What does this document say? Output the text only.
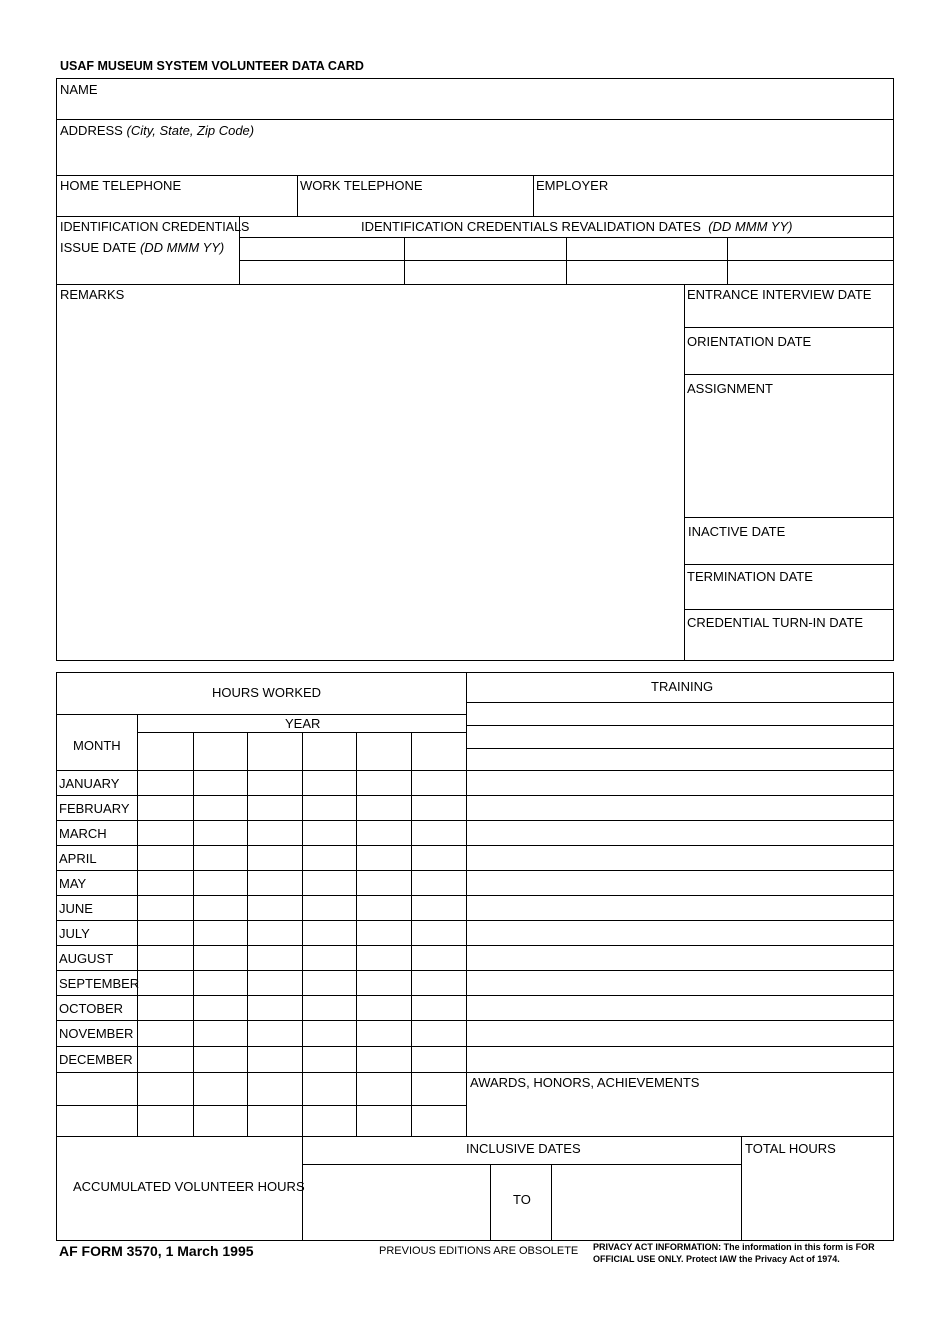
USAF MUSEUM SYSTEM VOLUNTEER DATA CARD
NAME
ADDRESS (City, State, Zip Code)
HOME TELEPHONE	WORK TELEPHONE	EMPLOYER
IDENTIFICATION CREDENTIALS
ISSUE DATE (DD MMM YY)
IDENTIFICATION CREDENTIALS REVALIDATION DATES (DD MMM YY)
REMARKS	ENTRANCE INTERVIEW DATE
ORIENTATION DATE
ASSIGNMENT
INACTIVE DATE
TERMINATION DATE
CREDENTIAL TURN-IN DATE
HOURS WORKED
YEAR
MONTH
TRAINING
AWARDS, HONORS, ACHIEVEMENTS
ACCUMULATED VOLUNTEER HOURS
INCLUSIVE DATES
TO
TOTAL HOURS
JANUARY
FEBRUARY
MARCH
APRIL
MAY
JUNE
JULY
AUGUST
SEPTEMBER
OCTOBER
NOVEMBER
DECEMBER
AF FORM 3570, 1 March 1995	PREVIOUS EDITIONS ARE OBSOLETE PRIVACY ACT INFORMATION: The information in this form is FOR
OFFICIAL USE ONLY. Protect IAW the Privacy Act of 1974.
